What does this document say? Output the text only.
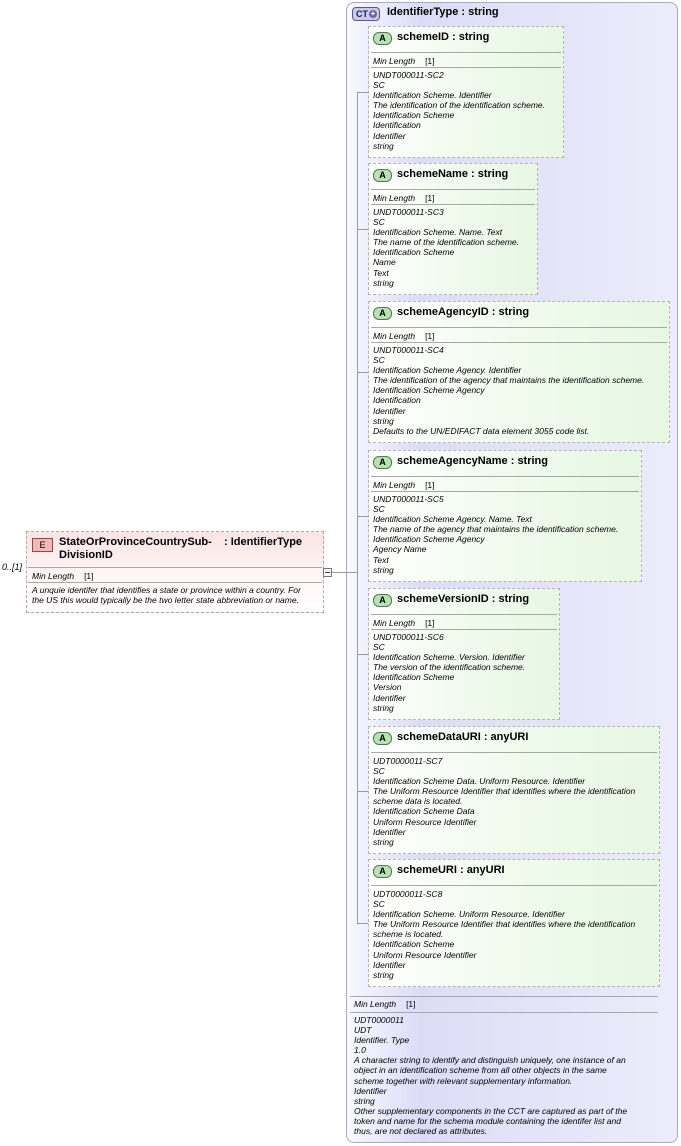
CT + IdentifierType : string
A	schemeID : string
Min Length [1]
UNDT000011-SC2
SC
Identification Scheme. Identifier
The identification of the identification scheme.
Identification Scheme
Identification
Identifier
string
A	schemeName : string
Min Length [1]
UNDT000011-SC3
SC
Identification Scheme. Name. Text
The name of the identification scheme.
Identification Scheme
Name
Text
string
A	schemeAgencyID : string
Min Length [1]
UNDT000011-SC4
SC
Identification Scheme Agency. Identifier
The identification of the agency that maintains the identification scheme.
Identification Scheme Agency
Identification
Identifier
string
Defaults to the UN/EDIFACT data element 3055 code list.
A	schemeAgencyName : string
Min Length [1]
UNDT000011-SC5
SC
Identification Scheme Agency. Name. Text
The name of the agency that maintains the identification scheme.
Identification Scheme Agency
Agency Name
Text
string
A	schemeVersionID : string
Min Length [1]
UNDT000011-SC6
SC
Identification Scheme. Version. Identifier
The version of the identification scheme.
Identification Scheme
Version
Identifier
string
A	schemeDataURI : anyURI
UDT0000011-SC7
SC
Identification Scheme Data. Uniform Resource. Identifier
The Uniform Resource Identifier that identifies where the identification
scheme data is located.
Identification Scheme Data
Uniform Resource Identifier
Identifier
string
A	schemeURI : anyURI
UDT0000011-SC8
SC
Identification Scheme. Uniform Resource. Identifier
The Uniform Resource Identifier that identifies where the identification
scheme is located.
Identification Scheme
Uniform Resource Identifier
Identifier
string
Min Length [1]
UDT0000011
UDT
Identifier. Type
1.0
A character string to identify and distinguish uniquely, one instance of an
object in an identification scheme from all other objects in the same
scheme together with relevant supplementary information.
Identifier
string
Other supplementary components in the CCT are captured as part of the
token and name for the schema module containing the identifer list and
thus, are not declared as attributes.
0..[1]
E	StateOrProvinceCountrySub-
DivisionID
: IdentifierType
Min Length [1]
A unquie identifer that identifies a state or province within a country. For
the US this would typically be the two letter state abbreviation or name.
